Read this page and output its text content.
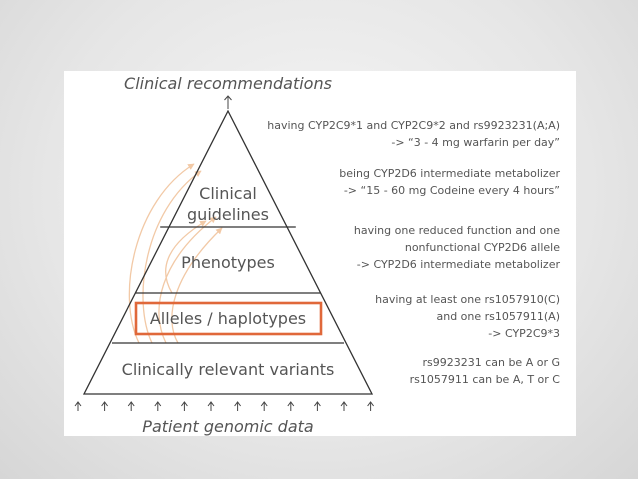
Clinical recommendations
Clinical
guidelines
Phenotypes
Alleles / haplotypes
Clinically relevant variants
having CYP2C9*1 and CYP2C9*2 and rs9923231(A;A)
-> “3 - 4 mg warfarin per day”
being CYP2D6 intermediate metabolizer
-> “15 - 60 mg Codeine every 4 hours”
having one reduced function and one
nonfunctional CYP2D6 allele
-> CYP2D6 intermediate metabolizer
having at least one rs1057910(C)
and one rs1057911(A)
-> CYP2C9*3
rs9923231 can be A or G
rs1057911 can be A, T or C
Patient genomic data
